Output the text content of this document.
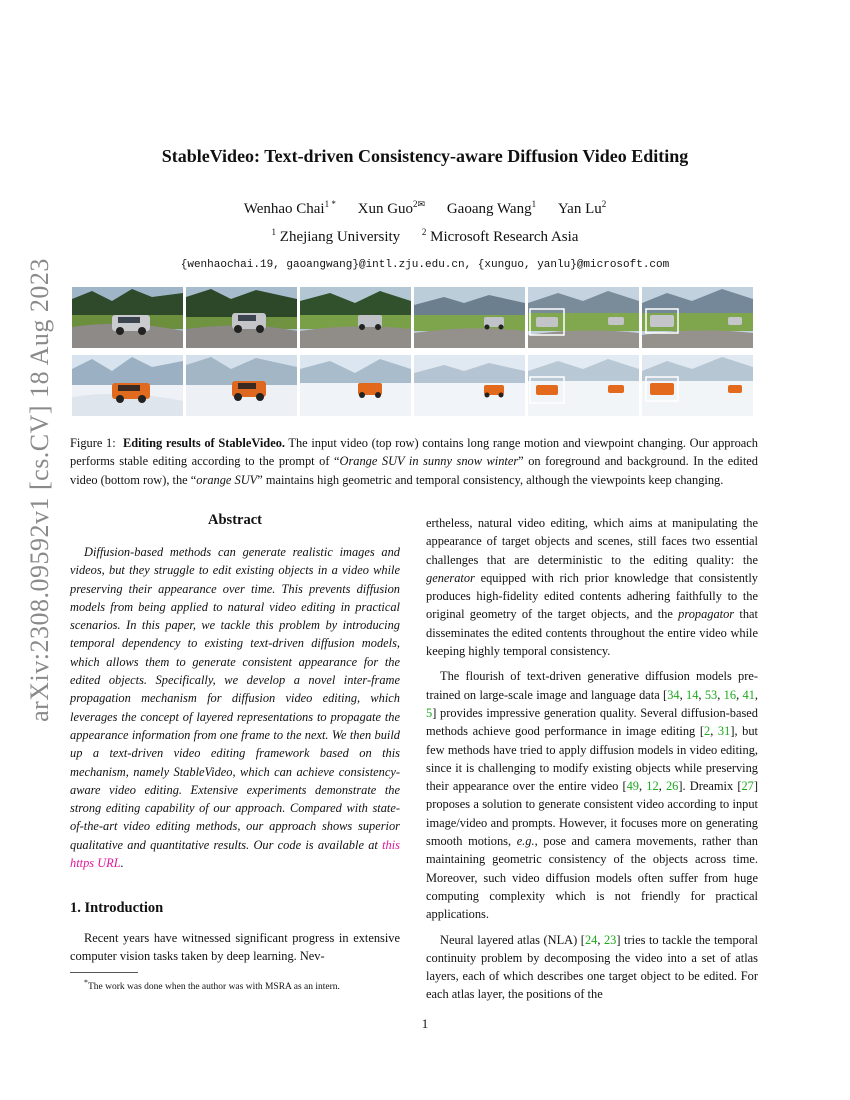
arXiv:2308.09592v1 [cs.CV] 18 Aug 2023
StableVideo: Text-driven Consistency-aware Diffusion Video Editing
Wenhao Chai$^{1 *}$ Xun Guo$^{2✉}$ Gaoang Wang$^1$ Yan Lu$^2$
$^1$ Zhejiang University $^2$ Microsoft Research Asia
{wenhaochai.19, gaoangwang}@intl.zju.edu.cn, {xunguo, yanlu}@microsoft.com

Figure 1: Editing results of StableVideo. The input video (top row) contains long range motion and viewpoint changing. Our approach performs stable editing according to the prompt of “Orange SUV in sunny snow winter” on foreground and background. In the edited video (bottom row), the “orange SUV” maintains high geometric and temporal consistency, although the viewpoints keep changing.

Abstract

Diffusion-based methods can generate realistic images and videos, but they struggle to edit existing objects in a video while preserving their appearance over time. This prevents diffusion models from being applied to natural video editing in practical scenarios. In this paper, we tackle this problem by introducing temporal dependency to existing text-driven diffusion models, which allows them to generate consistent appearance for the edited objects. Specifically, we develop a novel inter-frame propagation mechanism for diffusion video editing, which leverages the concept of layered representations to propagate the appearance information from one frame to the next. We then build up a text-driven video editing framework based on this mechanism, namely StableVideo, which can achieve consistency-aware video editing. Extensive experiments demonstrate the strong editing capability of our approach. Compared with state-of-the-art video editing methods, our approach shows superior qualitative and quantitative results. Our code is available at this https URL.

1. Introduction

Recent years have witnessed significant progress in extensive computer vision tasks taken by deep learning. Nev-

*The work was done when the author was with MSRA as an intern.

ertheless, natural video editing, which aims at manipulating the appearance of target objects and scenes, still faces two essential challenges that are deterministic to the editing quality: the generator equipped with rich prior knowledge that consistently produces high-fidelity edited contents adhering faithfully to the original geometry of the target objects, and the propagator that disseminates the edited contents throughout the entire video while keeping highly temporal consistency.

The flourish of text-driven generative diffusion models pre-trained on large-scale image and language data [34, 14, 53, 16, 41, 5] provides impressive generation quality. Several diffusion-based methods achieve good performance in image editing [2, 31], but few methods have tried to apply diffusion models in video editing, since it is challenging to modify existing objects while preserving their appearance over the entire video [49, 12, 26]. Dreamix [27] proposes a solution to generate consistent video according to input image/video and prompts. However, it focuses more on generating smooth motions, e.g., pose and camera movements, rather than maintaining geometric consistency of the objects across time. Moreover, such video diffusion models often suffer from huge computing complexity which is not friendly for practical applications.

Neural layered atlas (NLA) [24, 23] tries to tackle the temporal continuity problem by decomposing the video into a set of atlas layers, each of which describes one target object to be edited. For each atlas layer, the positions of the

1
